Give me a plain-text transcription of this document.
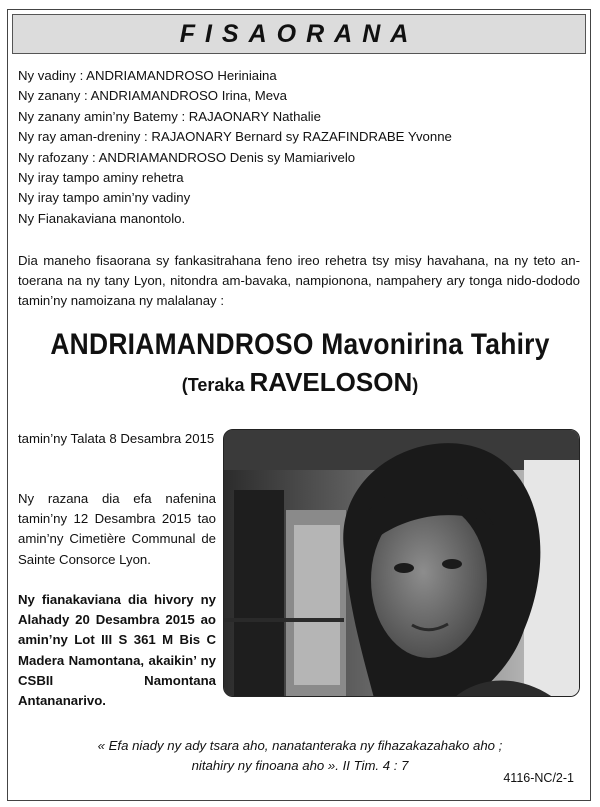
FISAORANA
Ny vadiny : ANDRIAMANDROSO Heriniaina
Ny zanany : ANDRIAMANDROSO Irina, Meva
Ny zanany amin’ny Batemy : RAJAONARY Nathalie
Ny ray aman-dreniny : RAJAONARY Bernard sy RAZAFINDRABE Yvonne
Ny rafozany : ANDRIAMANDROSO Denis sy Mamiarivelo
Ny iray tampo aminy rehetra
Ny iray tampo amin’ny vadiny
Ny Fianakaviana manontolo.
Dia maneho fisaorana sy fankasitrahana feno ireo rehetra tsy misy havahana, na ny teto an-toerana na ny tany Lyon, nitondra am-bavaka, nampionona, nampahery ary tonga nido-dododo tamin’ny namoizana ny malalanay :
ANDRIAMANDROSO Mavonirina Tahiry
(Teraka RAVELOSON)
tamin’ny Talata 8 Desambra 2015
Ny razana dia efa nafenina tamin’ny 12 Desambra 2015 tao amin’ny Cimetière Communal de Sainte Consorce Lyon.
Ny fianakaviana dia hivory ny Alahady 20 Desambra 2015 ao amin’ny Lot III S 361 M Bis C Madera Namontana, akaikin’ ny CSBII Namontana Antananarivo.
« Efa niady ny ady tsara aho, nanatanteraka ny fihazakazahako aho ;
nitahiry ny finoana aho ». II Tim. 4 : 7
4116-NC/2-1
